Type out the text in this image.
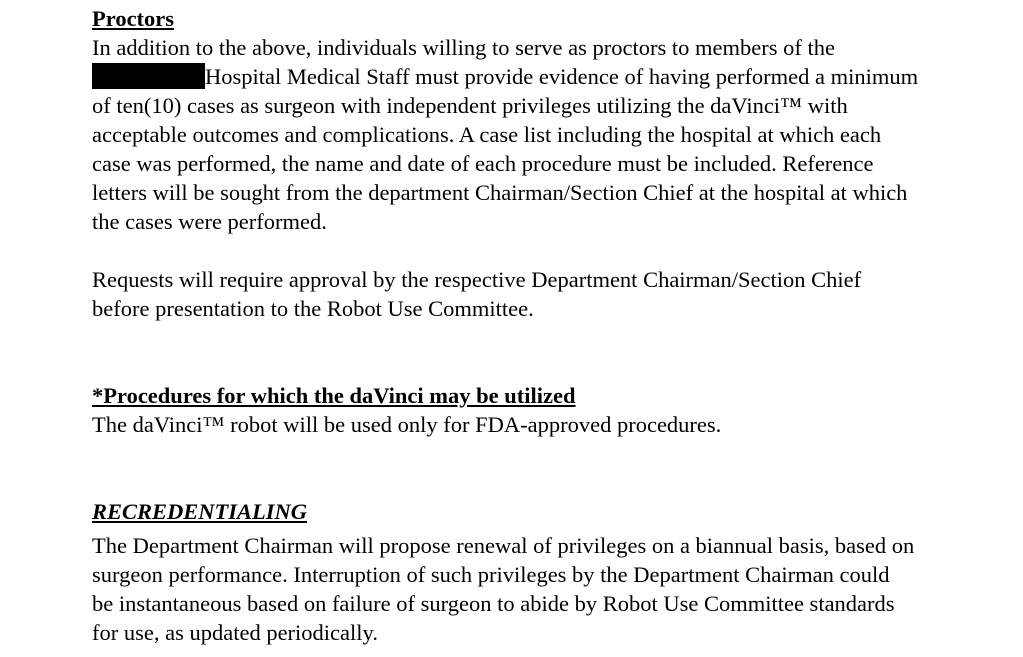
Proctors

In addition to the above, individuals willing to serve as proctors to members of the
Hospital Medical Staff must provide evidence of having performed a minimum
of ten(10) cases as surgeon with independent privileges utilizing the daVinci™ with
acceptable outcomes and complications. A case list including the hospital at which each
case was performed, the name and date of each procedure must be included. Reference
letters will be sought from the department Chairman/Section Chief at the hospital at which
the cases were performed.

Requests will require approval by the respective Department Chairman/Section Chief
before presentation to the Robot Use Committee.

*Procedures for which the daVinci may be utilized

The daVinci™ robot will be used only for FDA-approved procedures.

RECREDENTIALING

The Department Chairman will propose renewal of privileges on a biannual basis, based on
surgeon performance. Interruption of such privileges by the Department Chairman could
be instantaneous based on failure of surgeon to abide by Robot Use Committee standards
for use, as updated periodically.
